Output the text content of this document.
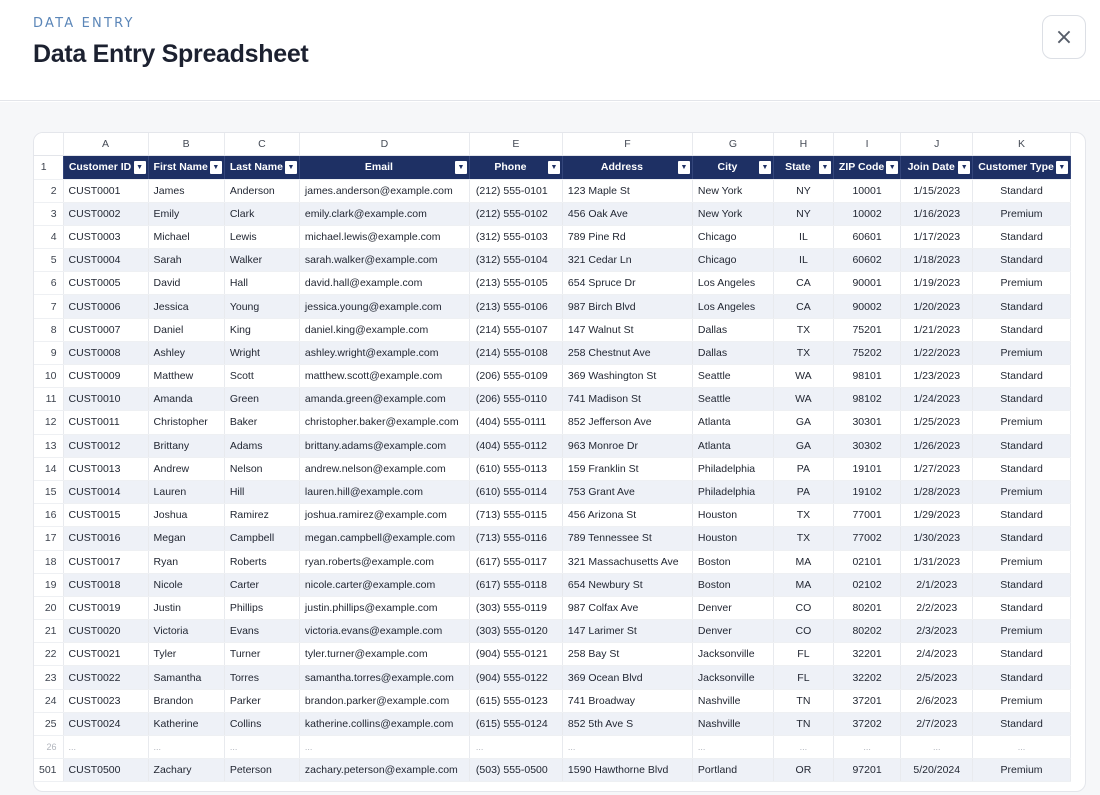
DATA ENTRY
Data Entry Spreadsheet
×
	A	B	C	D	E	F	G	H	I	J	K
1	Customer ID ▼	First Name ▼	Last Name ▼	Email ▼	Phone ▼	Address ▼	City ▼	State ▼	ZIP Code ▼	Join Date ▼	Customer Type ▼

2	CUST0001	James	Anderson	james.anderson@example.com	(212) 555-0101	123 Maple St	New York	NY	10001	1/15/2023	Standard
3	CUST0002	Emily	Clark	emily.clark@example.com	(212) 555-0102	456 Oak Ave	New York	NY	10002	1/16/2023	Premium
4	CUST0003	Michael	Lewis	michael.lewis@example.com	(312) 555-0103	789 Pine Rd	Chicago	IL	60601	1/17/2023	Standard
5	CUST0004	Sarah	Walker	sarah.walker@example.com	(312) 555-0104	321 Cedar Ln	Chicago	IL	60602	1/18/2023	Standard
6	CUST0005	David	Hall	david.hall@example.com	(213) 555-0105	654 Spruce Dr	Los Angeles	CA	90001	1/19/2023	Premium
7	CUST0006	Jessica	Young	jessica.young@example.com	(213) 555-0106	987 Birch Blvd	Los Angeles	CA	90002	1/20/2023	Standard
8	CUST0007	Daniel	King	daniel.king@example.com	(214) 555-0107	147 Walnut St	Dallas	TX	75201	1/21/2023	Standard
9	CUST0008	Ashley	Wright	ashley.wright@example.com	(214) 555-0108	258 Chestnut Ave	Dallas	TX	75202	1/22/2023	Premium
10	CUST0009	Matthew	Scott	matthew.scott@example.com	(206) 555-0109	369 Washington St	Seattle	WA	98101	1/23/2023	Standard
11	CUST0010	Amanda	Green	amanda.green@example.com	(206) 555-0110	741 Madison St	Seattle	WA	98102	1/24/2023	Standard
12	CUST0011	Christopher	Baker	christopher.baker@example.com	(404) 555-0111	852 Jefferson Ave	Atlanta	GA	30301	1/25/2023	Premium
13	CUST0012	Brittany	Adams	brittany.adams@example.com	(404) 555-0112	963 Monroe Dr	Atlanta	GA	30302	1/26/2023	Standard
14	CUST0013	Andrew	Nelson	andrew.nelson@example.com	(610) 555-0113	159 Franklin St	Philadelphia	PA	19101	1/27/2023	Standard
15	CUST0014	Lauren	Hill	lauren.hill@example.com	(610) 555-0114	753 Grant Ave	Philadelphia	PA	19102	1/28/2023	Premium
16	CUST0015	Joshua	Ramirez	joshua.ramirez@example.com	(713) 555-0115	456 Arizona St	Houston	TX	77001	1/29/2023	Standard
17	CUST0016	Megan	Campbell	megan.campbell@example.com	(713) 555-0116	789 Tennessee St	Houston	TX	77002	1/30/2023	Standard
18	CUST0017	Ryan	Roberts	ryan.roberts@example.com	(617) 555-0117	321 Massachusetts Ave	Boston	MA	02101	1/31/2023	Premium
19	CUST0018	Nicole	Carter	nicole.carter@example.com	(617) 555-0118	654 Newbury St	Boston	MA	02102	2/1/2023	Standard
20	CUST0019	Justin	Phillips	justin.phillips@example.com	(303) 555-0119	987 Colfax Ave	Denver	CO	80201	2/2/2023	Standard
21	CUST0020	Victoria	Evans	victoria.evans@example.com	(303) 555-0120	147 Larimer St	Denver	CO	80202	2/3/2023	Premium
22	CUST0021	Tyler	Turner	tyler.turner@example.com	(904) 555-0121	258 Bay St	Jacksonville	FL	32201	2/4/2023	Standard
23	CUST0022	Samantha	Torres	samantha.torres@example.com	(904) 555-0122	369 Ocean Blvd	Jacksonville	FL	32202	2/5/2023	Standard
24	CUST0023	Brandon	Parker	brandon.parker@example.com	(615) 555-0123	741 Broadway	Nashville	TN	37201	2/6/2023	Premium
25	CUST0024	Katherine	Collins	katherine.collins@example.com	(615) 555-0124	852 5th Ave S	Nashville	TN	37202	2/7/2023	Standard
26	...	...	...	...	...	...	...	...	...	...	...
501	CUST0500	Zachary	Peterson	zachary.peterson@example.com	(503) 555-0500	1590 Hawthorne Blvd	Portland	OR	97201	5/20/2024	Premium
